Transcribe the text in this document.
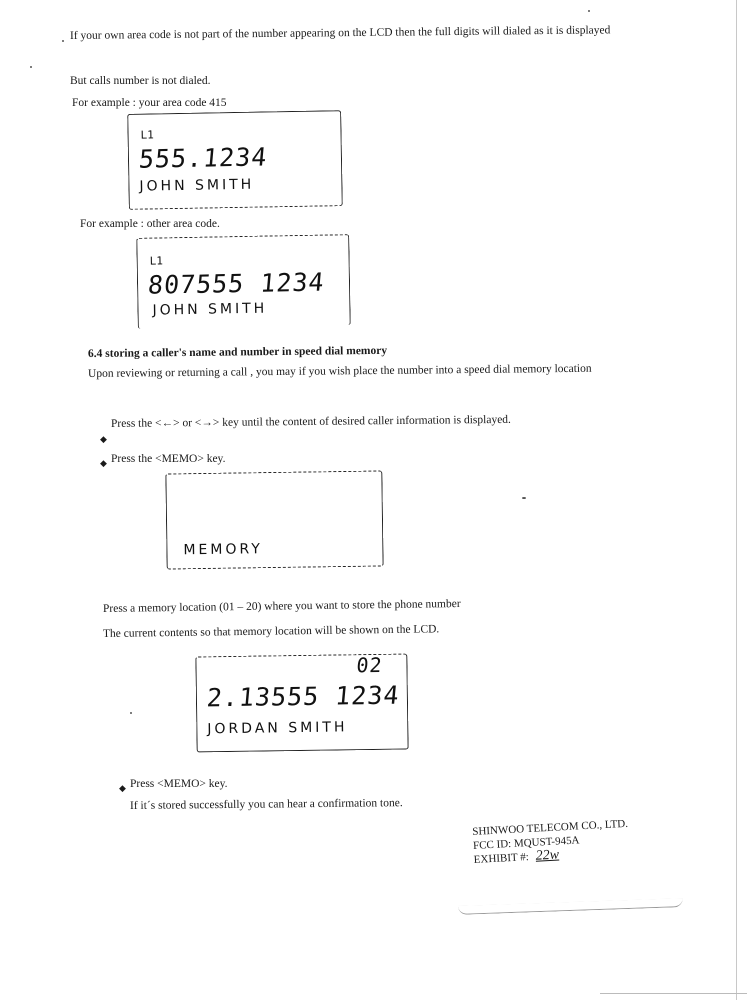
If your own area code is not part of the number appearing on the LCD then the full digits will dialed as it is displayed
But calls number is not dialed.
For example : your area code 415
L1
555.1234
JOHN SMITH
For example : other area code.
L1
807555 1234
JOHN SMITH
6.4 storing a caller's name and number in speed dial memory
Upon reviewing or returning a call , you may if you wish place the number into a speed dial memory location
◆
Press the <←> or <→> key until the content of desired caller information is displayed.
◆ Press the <MEMO> key.
MEMORY
Press a memory location (01 – 20) where you want to store the phone number
The current contents so that memory location will be shown on the LCD.
02
2.13555 1234
JORDAN SMITH
◆ Press <MEMO> key.
If it´s stored successfully you can hear a confirmation tone.
SHINWOO TELECOM CO., LTD.
FCC ID: MQUST-945A
EXHIBIT #: 22w
